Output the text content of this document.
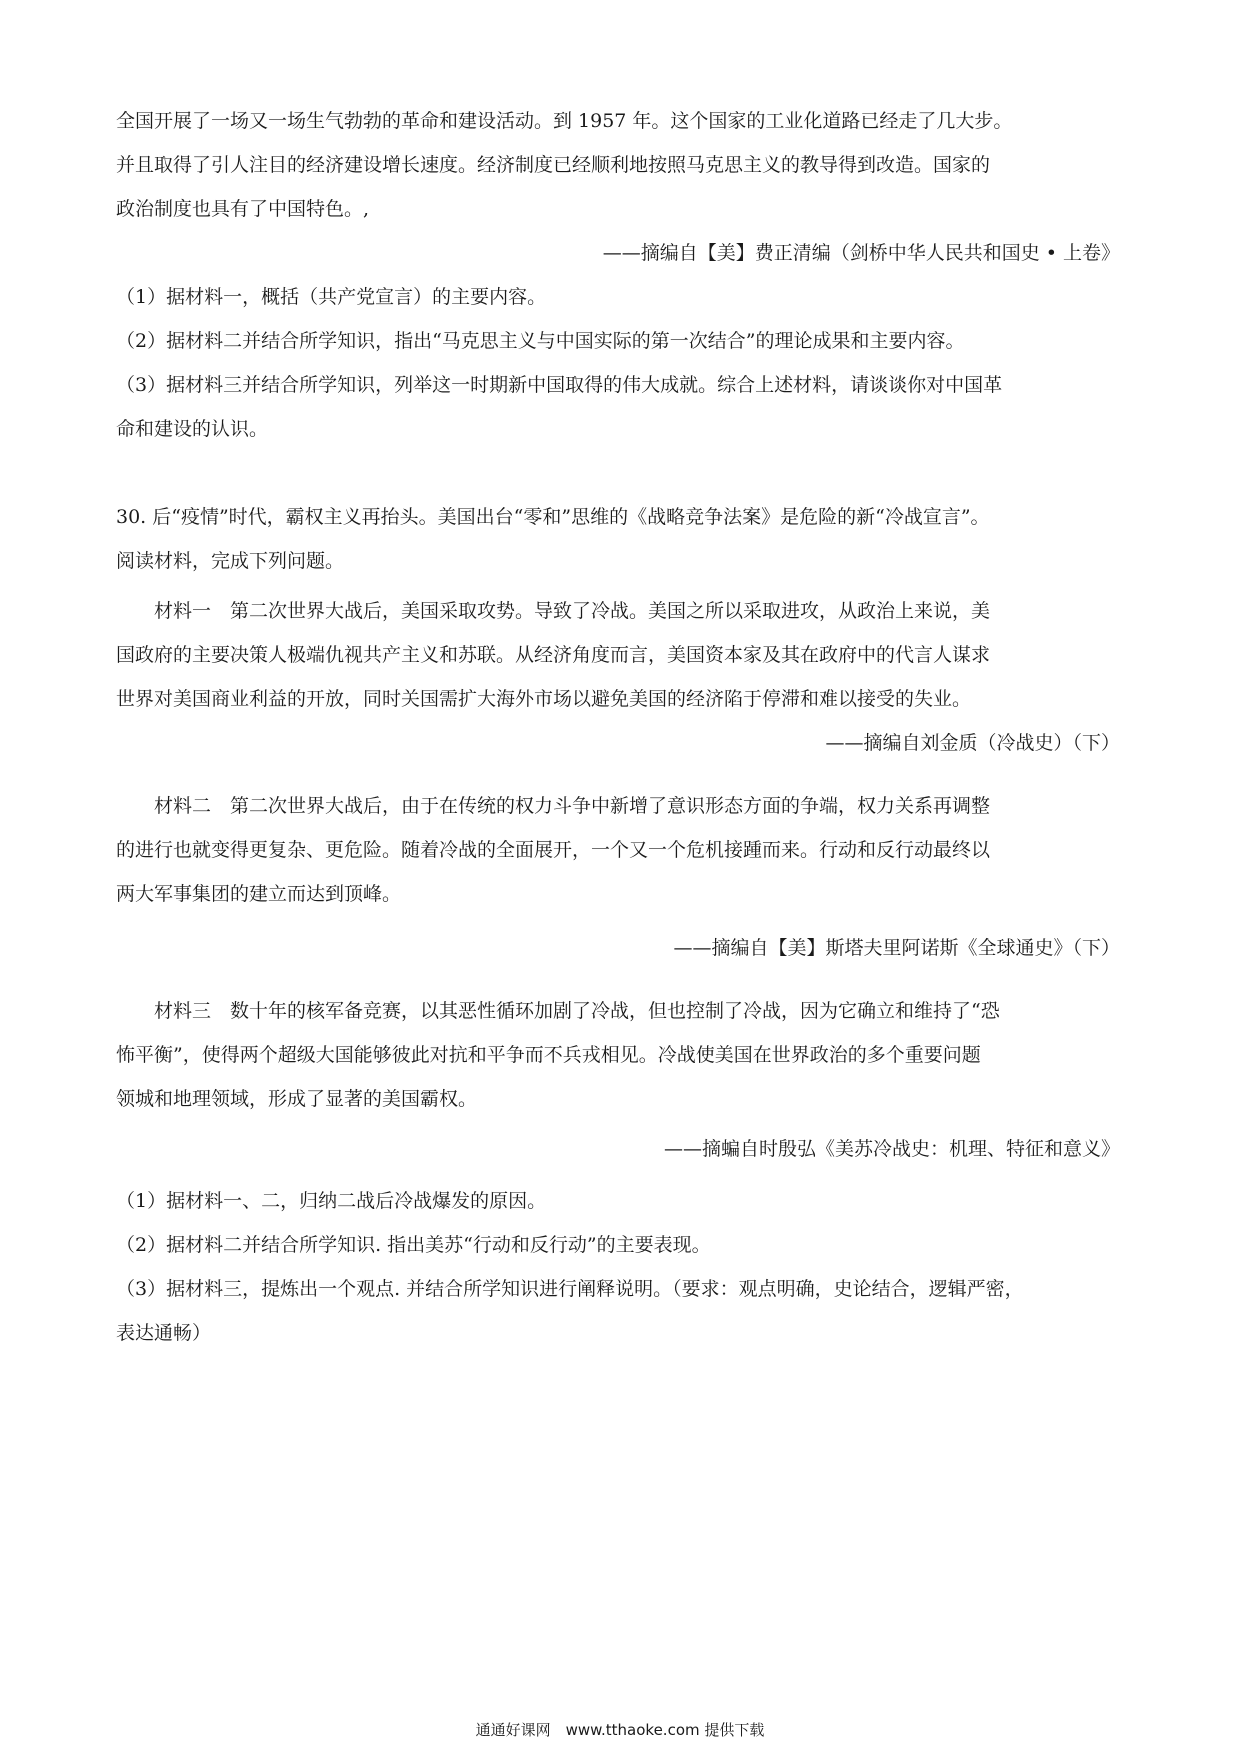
全国开展了一场又一场生气勃勃的革命和建设活动。到 1957 年。这个国家的工业化道路已经走了几大步。
并且取得了引人注目的经济建设增长速度。经济制度已经顺利地按照马克思主义的教导得到改造。国家的
政治制度也具有了中国特色。,
——摘编自【美】费正清编（剑桥中华人民共和国史 • 上卷》
（1）据材料一，概括（共产党宣言）的主要内容。
（2）据材料二并结合所学知识，指出“马克思主义与中国实际的第一次结合”的理论成果和主要内容。
（3）据材料三并结合所学知识，列举这一时期新中国取得的伟大成就。综合上述材料，请谈谈你对中国革
命和建设的认识。
30. 后“疫情”时代，霸权主义再抬头。美国出台“零和”思维的《战略竞争法案》是危险的新“冷战宣言”。
阅读材料，完成下列问题。
材料一　第二次世界大战后，美国采取攻势。导致了冷战。美国之所以采取进攻，从政治上来说，美
国政府的主要决策人极端仇视共产主义和苏联。从经济角度而言，美国资本家及其在政府中的代言人谋求
世界对美国商业利益的开放，同时关国需扩大海外市场以避免美国的经济陷于停滞和难以接受的失业。
——摘编自刘金质（冷战史）（下）
材料二　第二次世界大战后，由于在传统的权力斗争中新增了意识形态方面的争端，权力关系再调整
的进行也就变得更复杂、更危险。随着冷战的全面展开，一个又一个危机接踵而来。行动和反行动最终以
两大军事集团的建立而达到顶峰。
——摘编自【美】斯塔夫里阿诺斯《全球通史》（下）
材料三　数十年的核军备竞赛，以其恶性循环加剧了冷战，但也控制了冷战，因为它确立和维持了“恐
怖平衡”，使得两个超级大国能够彼此对抗和平争而不兵戎相见。冷战使美国在世界政治的多个重要问题
领城和地理领域，形成了显著的美国霸权。
——摘蝙自时殷弘《美苏冷战史：机理、特征和意义》
（1）据材料一、二，归纳二战后冷战爆发的原因。
（2）据材料二并结合所学知识. 指出美苏“行动和反行动”的主要表现。
（3）据材料三，提炼出一个观点. 并结合所学知识进行阐释说明。（要求：观点明确，史论结合，逻辑严密，
表达通畅）
通通好课网　www.tthaoke.com 提供下载
